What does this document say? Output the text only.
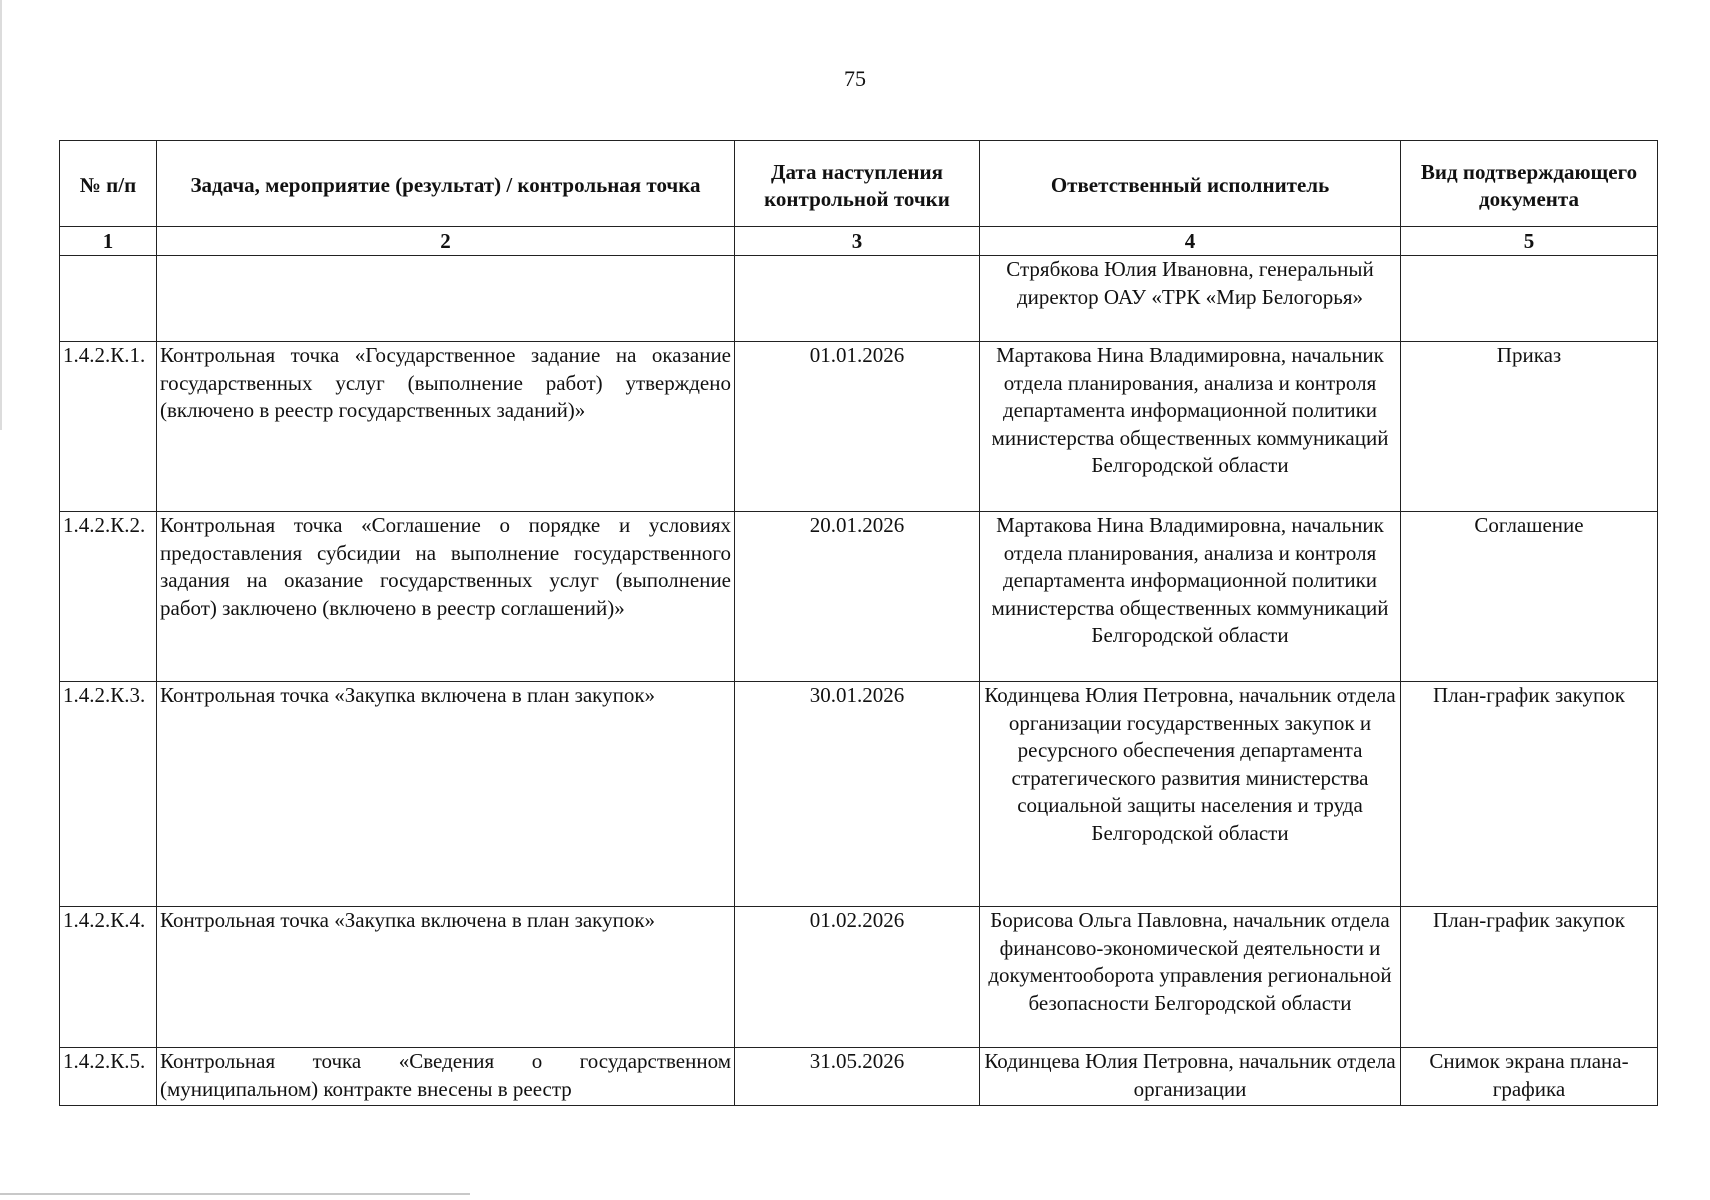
75
№ п/п	Задача, мероприятие (результат) / контрольная точка	Дата наступления контрольной точки	Ответственный исполнитель	Вид подтверждающего документа
1	2	3	4	5
			Стрябкова Юлия Ивановна, генеральный директор ОАУ «ТРК «Мир Белогорья»	
1.4.2.К.1.	Контрольная точка «Государственное задание на оказание государственных услуг (выполнение работ) утверждено (включено в реестр государственных заданий)»	01.01.2026	Мартакова Нина Владимировна, начальник отдела планирования, анализа и контроля департамента информационной политики министерства общественных коммуникаций Белгородской области	Приказ
1.4.2.К.2.	Контрольная точка «Соглашение о порядке и условиях предоставления субсидии на выполнение государственного задания на оказание государственных услуг (выполнение работ) заключено (включено в реестр соглашений)»	20.01.2026	Мартакова Нина Владимировна, начальник отдела планирования, анализа и контроля департамента информационной политики министерства общественных коммуникаций Белгородской области	Соглашение
1.4.2.К.3.	Контрольная точка «Закупка включена в план закупок»	30.01.2026	Кодинцева Юлия Петровна, начальник отдела организации государственных закупок и ресурсного обеспечения департамента стратегического развития министерства социальной защиты населения и труда Белгородской области	План-график закупок
1.4.2.К.4.	Контрольная точка «Закупка включена в план закупок»	01.02.2026	Борисова Ольга Павловна, начальник отдела финансово-экономической деятельности и документооборота управления региональной безопасности Белгородской области	План-график закупок
1.4.2.К.5.	Контрольная точка «Сведения о государственном (муниципальном) контракте внесены в реестр	31.05.2026	Кодинцева Юлия Петровна, начальник отдела организации	Снимок экрана плана-графика
